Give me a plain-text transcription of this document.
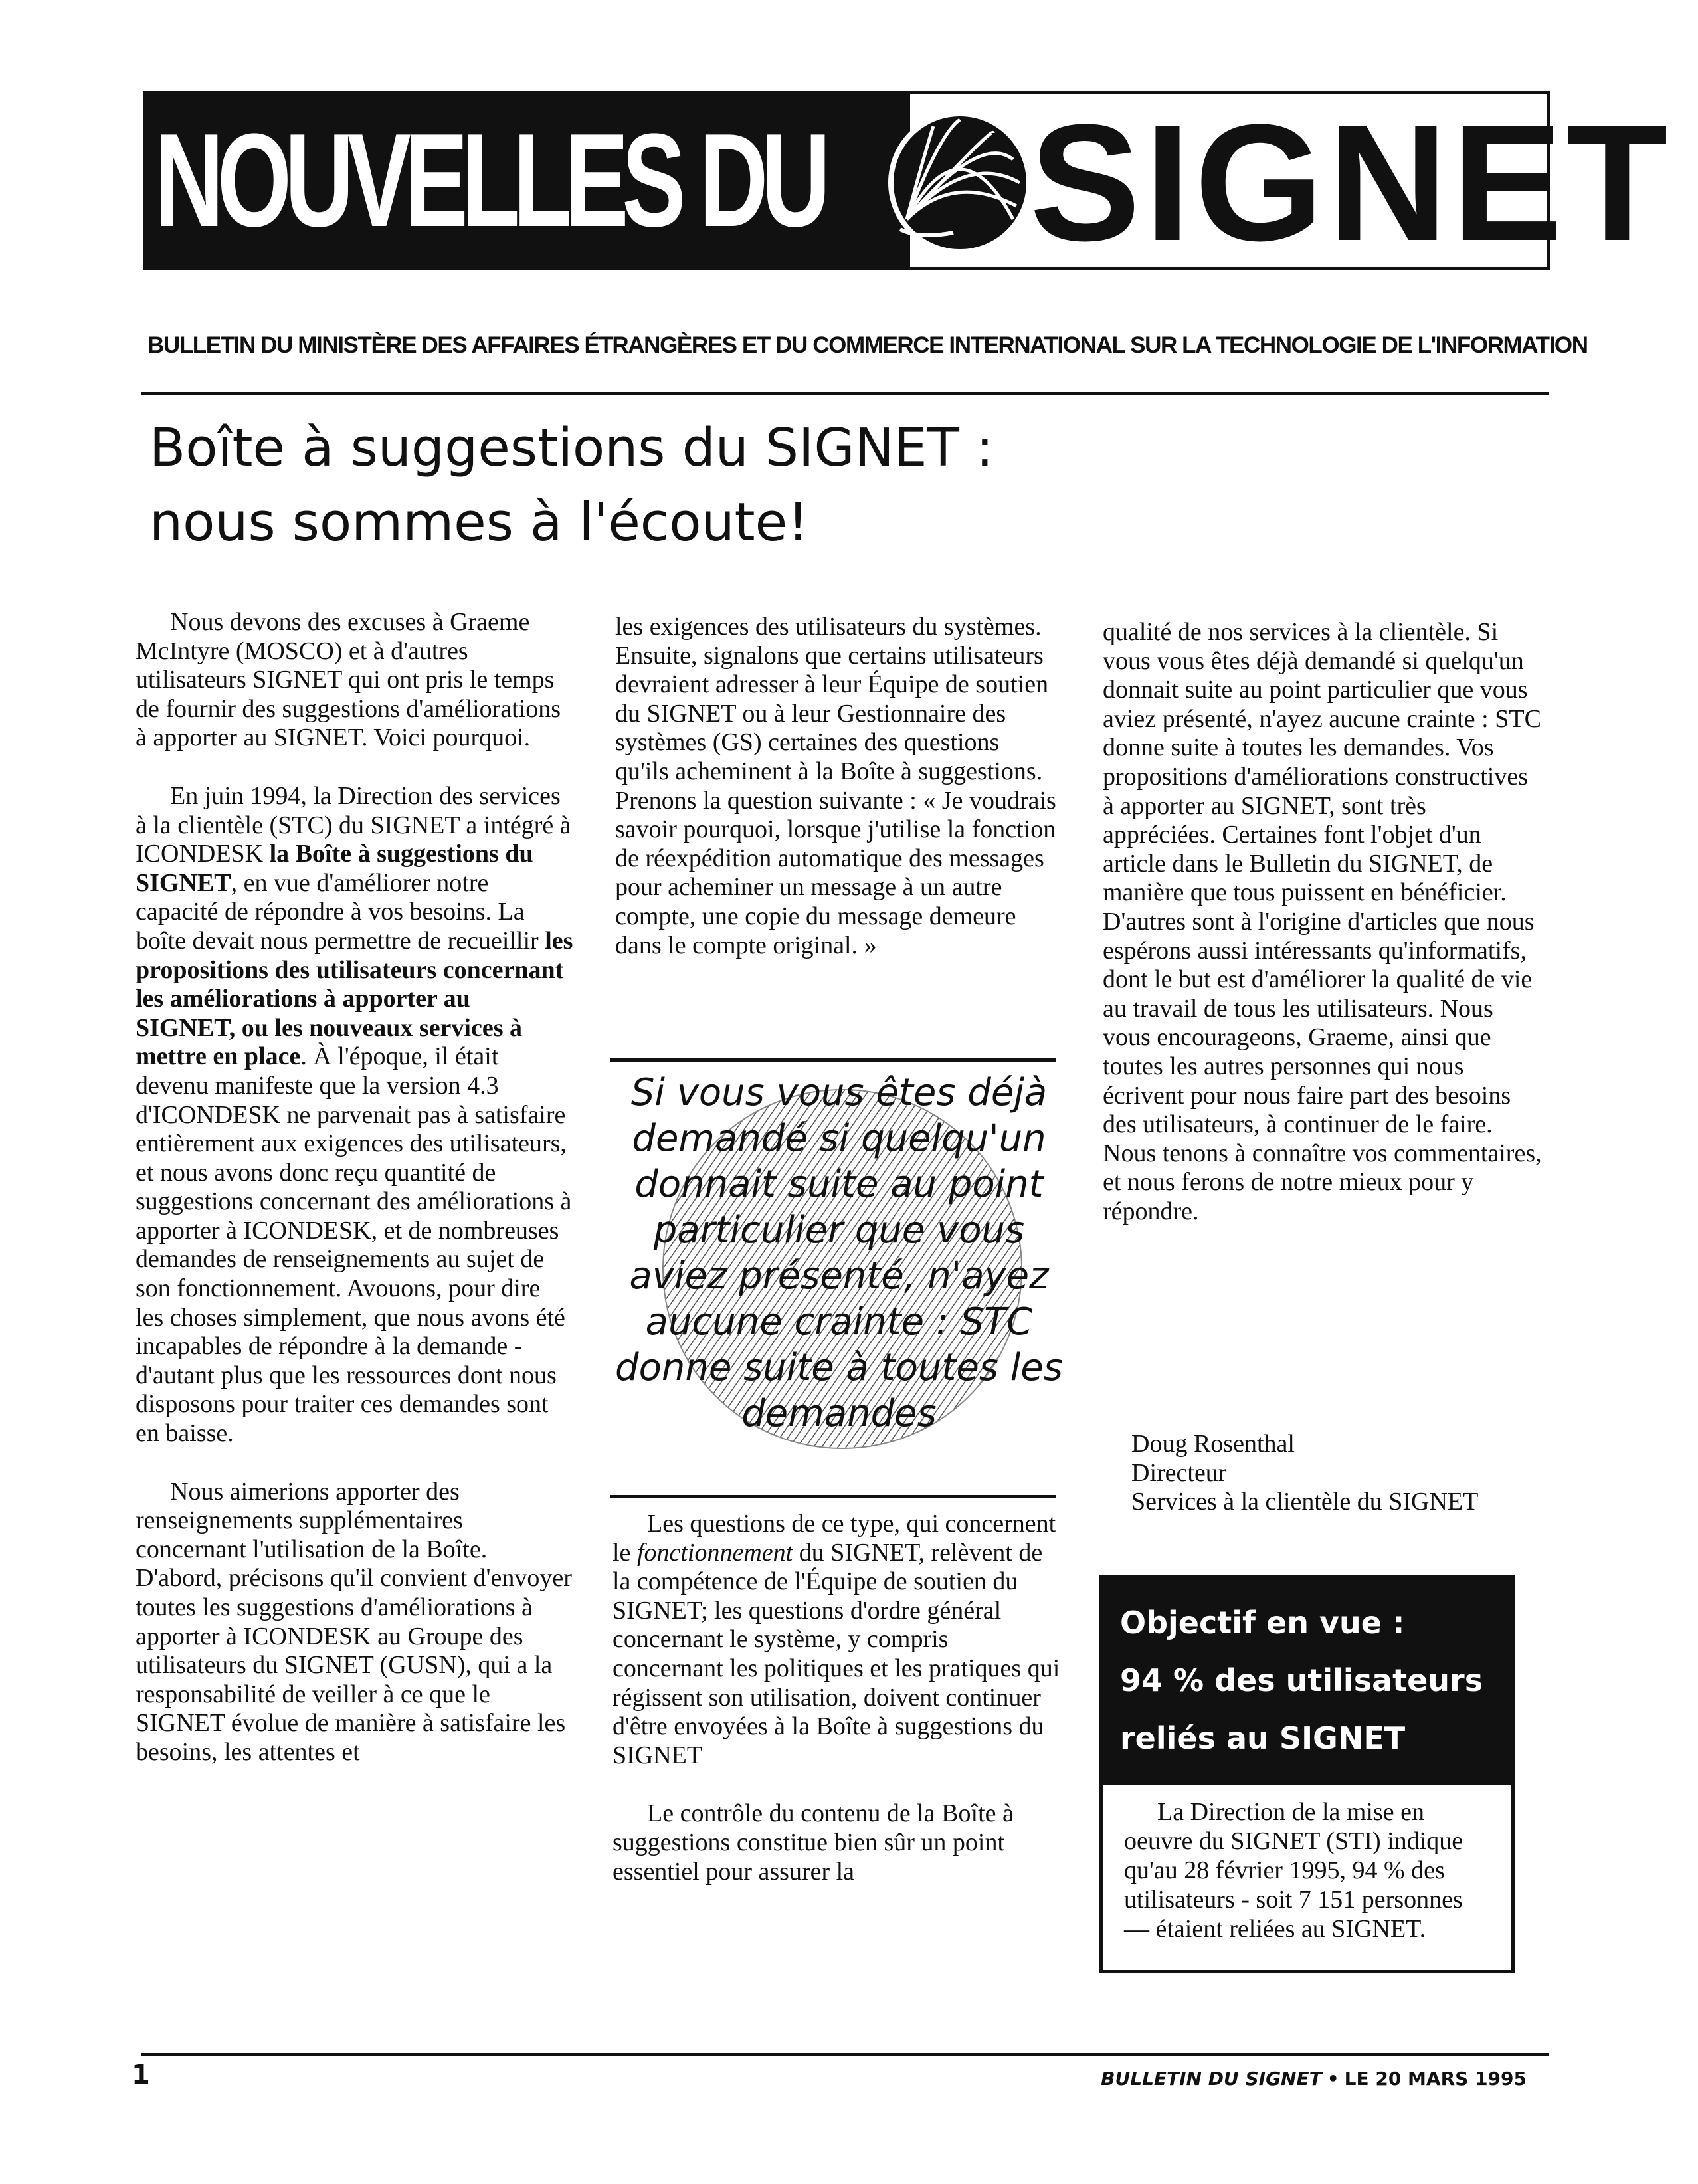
NOUVELLES DU SIGNET
BULLETIN DU MINISTÈRE DES AFFAIRES ÉTRANGÈRES ET DU COMMERCE INTERNATIONAL SUR LA TECHNOLOGIE DE L'INFORMATION
Boîte à suggestions du SIGNET :
nous sommes à l'écoute!

Nous devons des excuses à Graeme McIntyre (MOSCO) et à d'autres utilisateurs SIGNET qui ont pris le temps de fournir des suggestions d'améliorations à apporter au SIGNET. Voici pourquoi.

En juin 1994, la Direction des services à la clientèle (STC) du SIGNET a intégré à ICONDESK la Boîte à suggestions du SIGNET, en vue d'améliorer notre capacité de répondre à vos besoins. La boîte devait nous permettre de recueillir les propositions des utilisateurs concernant les améliorations à apporter au SIGNET, ou les nouveaux services à mettre en place. À l'époque, il était devenu manifeste que la version 4.3 d'ICONDESK ne parvenait pas à satisfaire entièrement aux exigences des utilisateurs, et nous avons donc reçu quantité de suggestions concernant des améliorations à apporter à ICONDESK, et de nombreuses demandes de renseignements au sujet de son fonctionnement. Avouons, pour dire les choses simplement, que nous avons été incapables de répondre à la demande - d'autant plus que les ressources dont nous disposons pour traiter ces demandes sont en baisse.

Nous aimerions apporter des renseignements supplémentaires concernant l'utilisation de la Boîte. D'abord, précisons qu'il convient d'envoyer toutes les suggestions d'améliorations à apporter à ICONDESK au Groupe des utilisateurs du SIGNET (GUSN), qui a la responsabilité de veiller à ce que le SIGNET évolue de manière à satisfaire les besoins, les attentes et

les exigences des utilisateurs du systèmes. Ensuite, signalons que certains utilisateurs devraient adresser à leur Équipe de soutien du SIGNET ou à leur Gestionnaire des systèmes (GS) certaines des questions qu'ils acheminent à la Boîte à suggestions. Prenons la question suivante : « Je voudrais savoir pourquoi, lorsque j'utilise la fonction de réexpédition automatique des messages pour acheminer un message à un autre compte, une copie du message demeure dans le compte original. »

Si vous vous êtes déjà demandé si quelqu'un donnait suite au point particulier que vous aviez présenté, n'ayez aucune crainte : STC donne suite à toutes les demandes

Les questions de ce type, qui concernent le fonctionnement du SIGNET, relèvent de la compétence de l'Équipe de soutien du SIGNET; les questions d'ordre général concernant le système, y compris concernant les politiques et les pratiques qui régissent son utilisation, doivent continuer d'être envoyées à la Boîte à suggestions du SIGNET

Le contrôle du contenu de la Boîte à suggestions constitue bien sûr un point essentiel pour assurer la

qualité de nos services à la clientèle. Si vous vous êtes déjà demandé si quelqu'un donnait suite au point particulier que vous aviez présenté, n'ayez aucune crainte : STC donne suite à toutes les demandes. Vos propositions d'améliorations constructives à apporter au SIGNET, sont très appréciées. Certaines font l'objet d'un article dans le Bulletin du SIGNET, de manière que tous puissent en bénéficier. D'autres sont à l'origine d'articles que nous espérons aussi intéressants qu'informatifs, dont le but est d'améliorer la qualité de vie au travail de tous les utilisateurs. Nous vous encourageons, Graeme, ainsi que toutes les autres personnes qui nous écrivent pour nous faire part des besoins des utilisateurs, à continuer de le faire. Nous tenons à connaître vos commentaires, et nous ferons de notre mieux pour y répondre.

Doug Rosenthal
Directeur
Services à la clientèle du SIGNET
Objectif en vue :
94 % des utilisateurs
reliés au SIGNET

La Direction de la mise en oeuvre du SIGNET (STI) indique qu'au 28 février 1995, 94 % des utilisateurs - soit 7 151 personnes — étaient reliées au SIGNET.

1	BULLETIN DU SIGNET • LE 20 MARS 1995
